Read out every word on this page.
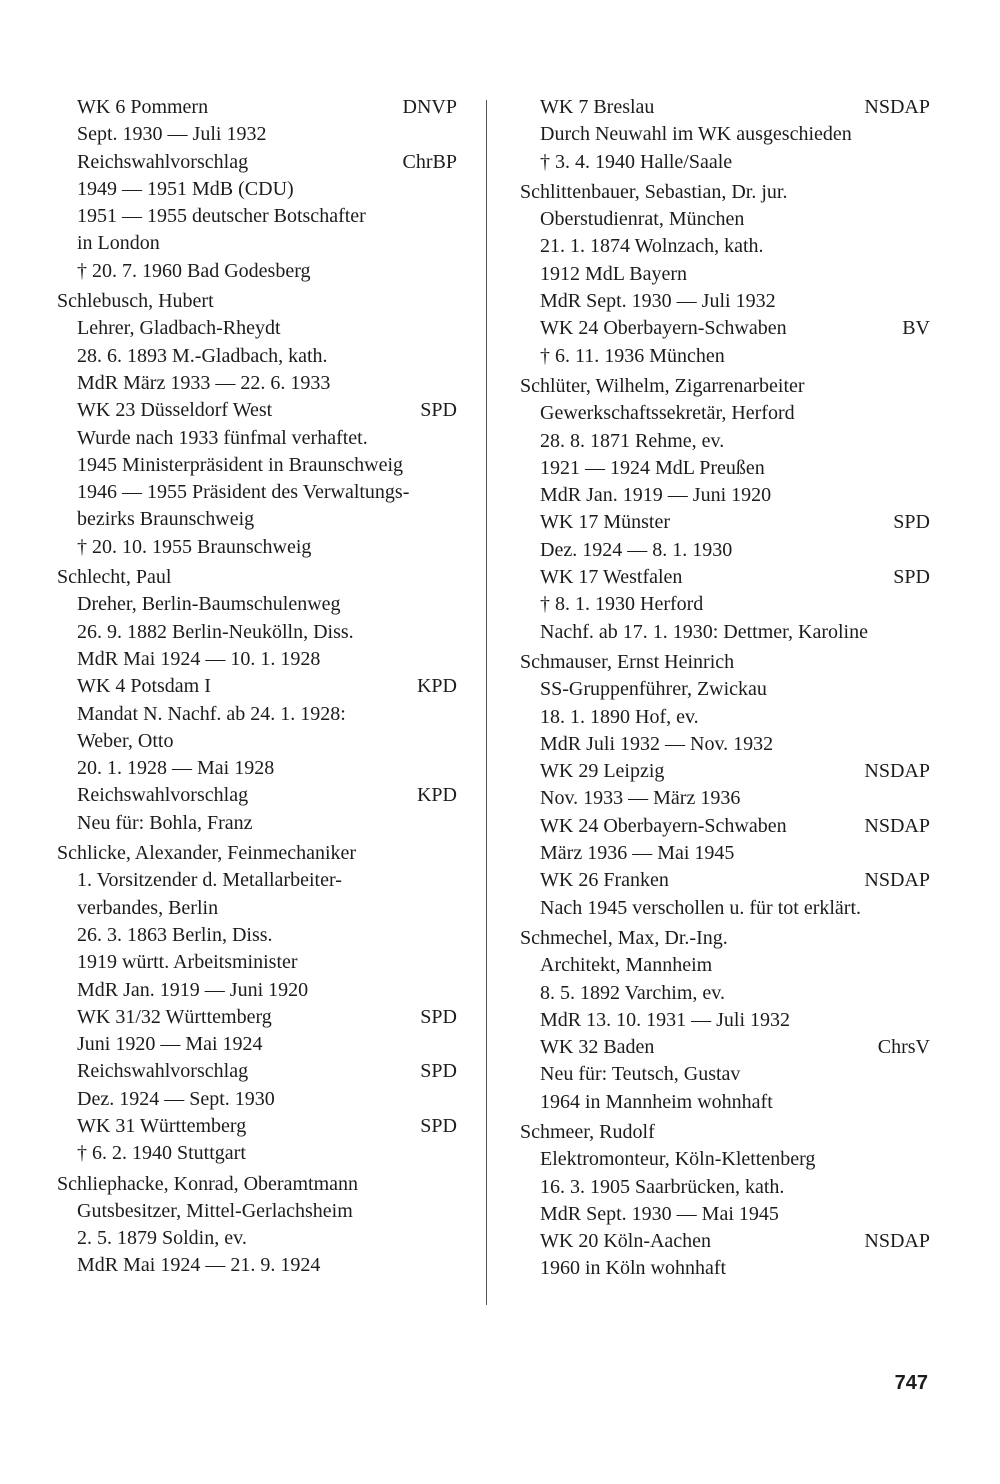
WK 6 Pommern	DNVP
Sept. 1930 — Juli 1932
Reichswahlvorschlag	ChrBP
1949 — 1951 MdB (CDU)
1951 — 1955 deutscher Botschafter
in London
† 20. 7. 1960 Bad Godesberg
Schlebusch, Hubert
Lehrer, Gladbach-Rheydt
28. 6. 1893 M.-Gladbach, kath.
MdR März 1933 — 22. 6. 1933
WK 23 Düsseldorf West	SPD
Wurde nach 1933 fünfmal verhaftet.
1945 Ministerpräsident in Braunschweig
1946 — 1955 Präsident des Verwaltungs-
bezirks Braunschweig
† 20. 10. 1955 Braunschweig
Schlecht, Paul
Dreher, Berlin-Baumschulenweg
26. 9. 1882 Berlin-Neukölln, Diss.
MdR Mai 1924 — 10. 1. 1928
WK 4 Potsdam I	KPD
Mandat N. Nachf. ab 24. 1. 1928:
Weber, Otto
20. 1. 1928 — Mai 1928
Reichswahlvorschlag	KPD
Neu für: Bohla, Franz
Schlicke, Alexander, Feinmechaniker
1. Vorsitzender d. Metallarbeiter-
verbandes, Berlin
26. 3. 1863 Berlin, Diss.
1919 württ. Arbeitsminister
MdR Jan. 1919 — Juni 1920
WK 31/32 Württemberg	SPD
Juni 1920 — Mai 1924
Reichswahlvorschlag	SPD
Dez. 1924 — Sept. 1930
WK 31 Württemberg	SPD
† 6. 2. 1940 Stuttgart
Schliephacke, Konrad, Oberamtmann
Gutsbesitzer, Mittel-Gerlachsheim
2. 5. 1879 Soldin, ev.
MdR Mai 1924 — 21. 9. 1924
WK 7 Breslau	NSDAP
Durch Neuwahl im WK ausgeschieden
† 3. 4. 1940 Halle/Saale
Schlittenbauer, Sebastian, Dr. jur.
Oberstudienrat, München
21. 1. 1874 Wolnzach, kath.
1912 MdL Bayern
MdR Sept. 1930 — Juli 1932
WK 24 Oberbayern-Schwaben	BV
† 6. 11. 1936 München
Schlüter, Wilhelm, Zigarrenarbeiter
Gewerkschaftssekretär, Herford
28. 8. 1871 Rehme, ev.
1921 — 1924 MdL Preußen
MdR Jan. 1919 — Juni 1920
WK 17 Münster	SPD
Dez. 1924 — 8. 1. 1930
WK 17 Westfalen	SPD
† 8. 1. 1930 Herford
Nachf. ab 17. 1. 1930: Dettmer, Karoline
Schmauser, Ernst Heinrich
SS-Gruppenführer, Zwickau
18. 1. 1890 Hof, ev.
MdR Juli 1932 — Nov. 1932
WK 29 Leipzig	NSDAP
Nov. 1933 — März 1936
WK 24 Oberbayern-Schwaben	NSDAP
März 1936 — Mai 1945
WK 26 Franken	NSDAP
Nach 1945 verschollen u. für tot erklärt.
Schmechel, Max, Dr.-Ing.
Architekt, Mannheim
8. 5. 1892 Varchim, ev.
MdR 13. 10. 1931 — Juli 1932
WK 32 Baden	ChrsV
Neu für: Teutsch, Gustav
1964 in Mannheim wohnhaft
Schmeer, Rudolf
Elektromonteur, Köln-Klettenberg
16. 3. 1905 Saarbrücken, kath.
MdR Sept. 1930 — Mai 1945
WK 20 Köln-Aachen	NSDAP
1960 in Köln wohnhaft
747
